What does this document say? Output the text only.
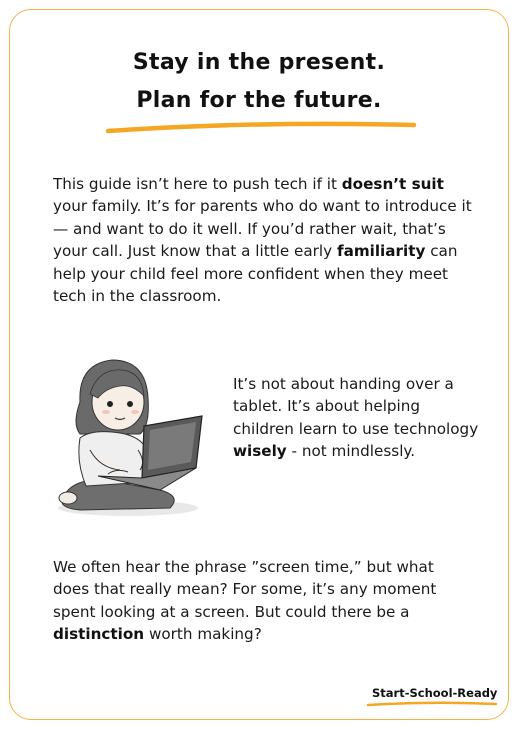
Stay in the present.
Plan for the future.

This guide isn’t here to push tech if it doesn’t suit your family. It’s for parents who do want to introduce it — and want to do it well. If you’d rather wait, that’s your call. Just know that a little early familiarity can help your child feel more confident when they meet tech in the classroom.

It’s not about handing over a tablet. It’s about helping children learn to use technology wisely - not mindlessly.

We often hear the phrase ”screen time,” but what does that really mean? For some, it’s any moment spent looking at a screen. But could there be a distinction worth making?

Start-School-Ready
